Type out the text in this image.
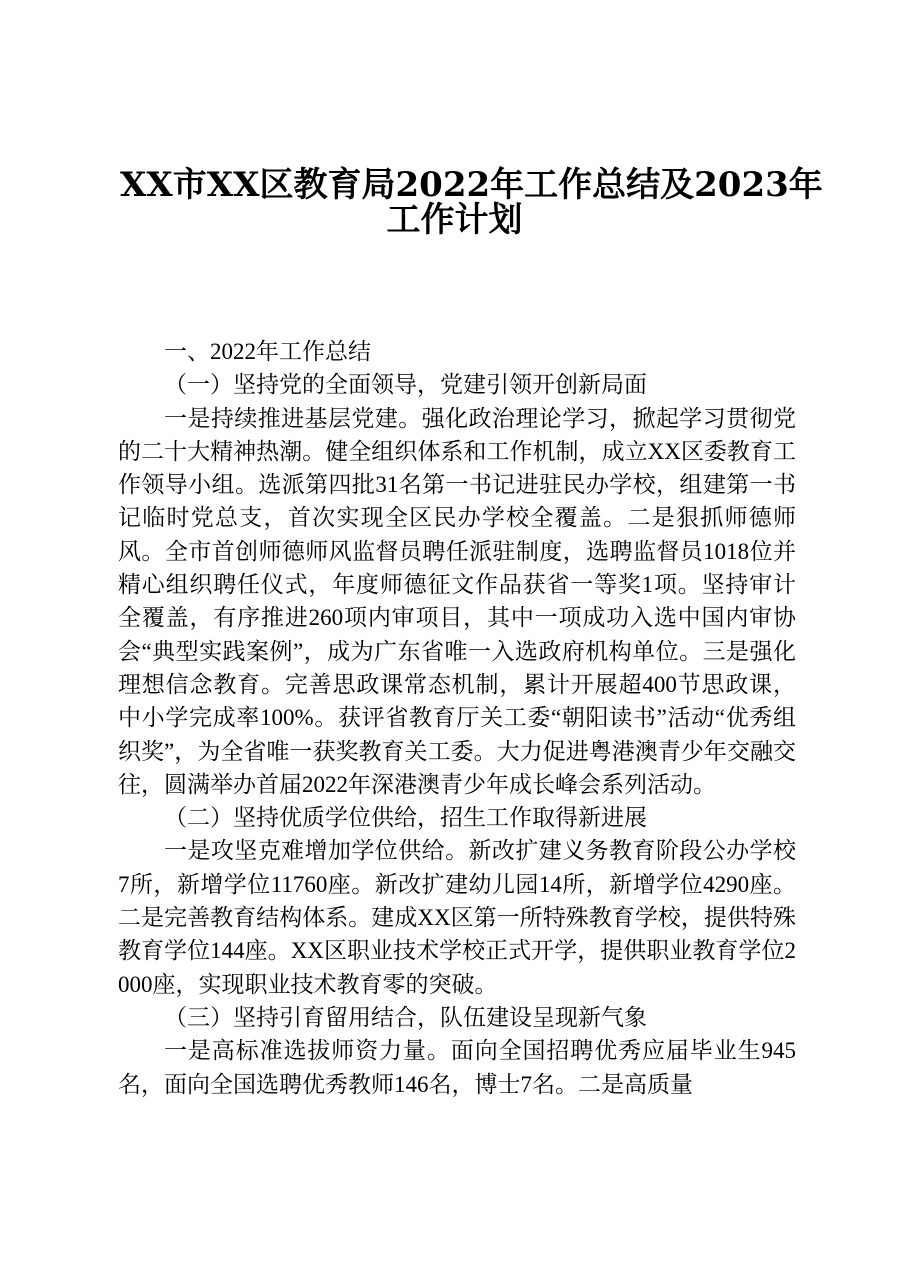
XX市XX区教育局2022年工作总结及2023年
工作计划

一、2022年工作总结

（一）坚持党的全面领导，党建引领开创新局面

一是持续推进基层党建。强化政治理论学习，掀起学习贯彻党的二十大精神热潮。健全组织体系和工作机制，成立XX区委教育工作领导小组。选派第四批31名第一书记进驻民办学校，组建第一书记临时党总支，首次实现全区民办学校全覆盖。二是狠抓师德师风。全市首创师德师风监督员聘任派驻制度，选聘监督员1018位并精心组织聘任仪式，年度师德征文作品获省一等奖1项。坚持审计全覆盖，有序推进260项内审项目，其中一项成功入选中国内审协会“典型实践案例”，成为广东省唯一入选政府机构单位。三是强化理想信念教育。完善思政课常态机制，累计开展超400节思政课，中小学完成率100%。获评省教育厅关工委“朝阳读书”活动“优秀组织奖”，为全省唯一获奖教育关工委。大力促进粤港澳青少年交融交往，圆满举办首届2022年深港澳青少年成长峰会系列活动。

（二）坚持优质学位供给，招生工作取得新进展

一是攻坚克难增加学位供给。新改扩建义务教育阶段公办学校7所，新增学位11760座。新改扩建幼儿园14所，新增学位4290座。二是完善教育结构体系。建成XX区第一所特殊教育学校，提供特殊教育学位144座。XX区职业技术学校正式开学，提供职业教育学位2000座，实现职业技术教育零的突破。

（三）坚持引育留用结合，队伍建设呈现新气象

一是高标准选拔师资力量。面向全国招聘优秀应届毕业生945名，面向全国选聘优秀教师146名，博士7名。二是高质量
